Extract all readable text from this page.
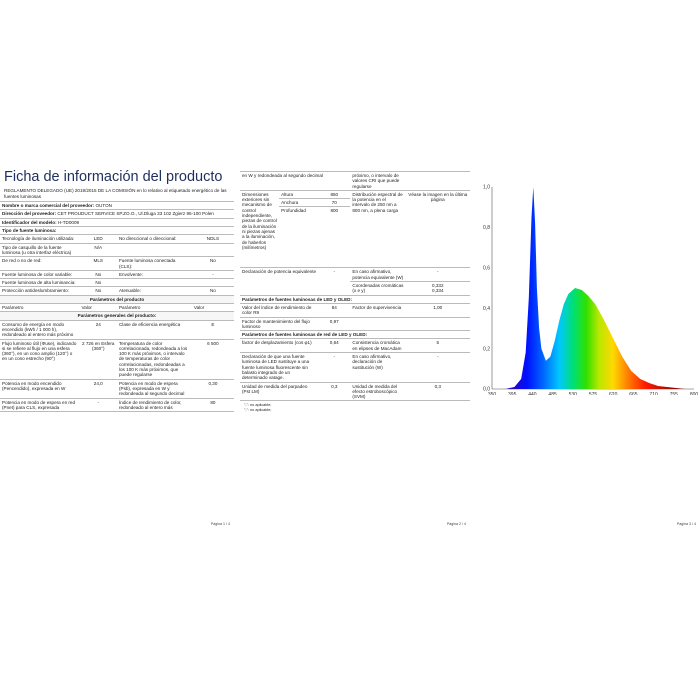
Ficha de información del producto
REGLAMENTO DELEGADO (UE) 2019/2015 DE LA COMISIÓN en lo relativo al etiquetado energético de las fuentes luminosas
Nombre o marca comercial del proveedor: OUTON			
Dirección del proveedor: CET PROUDUCT SERVICE SP.ZO.O., Ul.Dluga 33 102 Zgierz 95-100 Polen			
Identificador del modelo: H-TD0009			
Tipo de fuente luminosa:			
Tecnología de iluminación utilizada:	LED	No direccional o direccional:	NDLS
Tipo de casquillo de la fuente luminosa (u otra interfaz eléctrica)	N/A		
De red o no de red:	MLS	Fuente luminosa conectada (CLS):	No
Fuente luminosa de color variable:	No	Envolvente:	-
Fuente luminosa de alta luminancia:	No		
Protección antideslumbramiento:	No	Atenuable:	No
Parámetros del producto			
Parámetro	Valor	Parámetro	Valor
Parámetros generales del producto:			
Consumo de energía en modo encendido (kWh / 1 000 h), redondeado al entero más próximo	24	Clase de eficiencia energética	E
Flujo luminoso útil (Φuse), indicando si se refiere al flujo en una esfera (360°), en un cono amplio (120°) o en un cono estrecho (90°)	2 726 en Esfera (360°)	Temperatura de color correlacionada, redondeada a los 100 K más próximos, o intervalo de temperaturas de color correlacionadas, redondeadas a los 100 K más próximos, que puede regularse	6 500
Potencia en modo encendido (Pencendido), expresada en W	24,0	Potencia en modo de espera (Psb), expresada en W y redondeada al segundo decimal	0,30
Potencia en modo de espera en red (Pnet) para CLS, expresada	-	Índice de rendimiento de color, redondeado al entero más	80
Página 1 / 4
en W y redondeada al segundo decimal			próximo, o intervalo de valores CRI que puede regularse	
Dimensiones exteriores sin mecanismo de control independiente, piezas de control de la iluminación ni piezas ajenas a la iluminación, de haberlos (milímetros)	Altura	850	Distribución espectral de la potencia en el intervalo de 250 nm a 800 nm, a plena carga	Véase la imagen en la última página
	Anchura	70		
	Profundidad	800		
Declaración de potencia equivalente		-	En caso afirmativo, potencia equivalente (W)	-
			Coordenadas cromáticas (x e y)	0,332
0,334

Parámetros de fuentes luminosas de LED y OLED:				
Valor del índice de rendimiento de color R9		84	Factor de supervivencia	1,00
Factor de mantenimiento del flujo luminoso		0,97		
Parámetros de fuentes luminosas de red de LED y OLED:				
factor de desplazamiento (cos φ1)		0,64	Consistencia cromática en elipses de MacAdam	5
Declaración de que una fuente luminosa de LED sustituye a una fuente luminosa fluorescente sin balasto integrado de un determinado vatage.		-	En caso afirmativo, declaración de sustitución (W)	-
Unidad de medida del parpadeo (Pst LM)		0,3	Unidad de medida del efecto estroboscópico (SVM)	0,3
"-": no aplicable;
"-": no aplicable;
Página 2 / 4
350 395 440 485 530 575 620 665 710 755 800
0,0
0,2
0,4
0,6
0,8
1,0
Página 3 / 4
